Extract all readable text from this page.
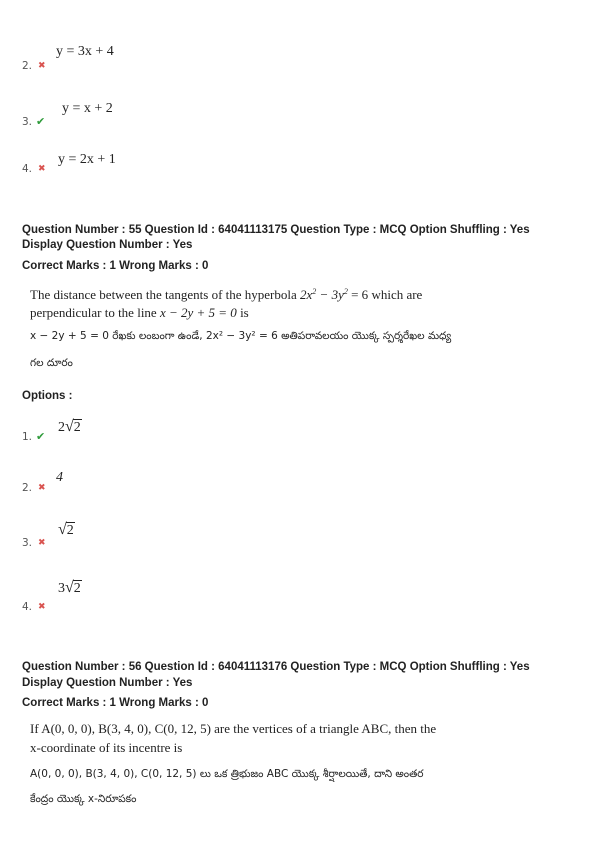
2. ✖
y = 3x + 4
3. ✔
y = x + 2
4. ✖
y = 2x + 1
Question Number : 55 Question Id : 64041113175 Question Type : MCQ Option Shuffling : Yes
Display Question Number : Yes
Correct Marks : 1 Wrong Marks : 0
The distance between the tangents of the hyperbola $2x^2 - 3y^2 = 6$ which are
perpendicular to the line x − 2y + 5 = 0 is
x − 2y + 5 = 0 రేఖకు లంబంగా ఉండే, 2x² − 3y² = 6 అతిపరావలయం యొక్క స్పర్శరేఖల మధ్య
గల దూరం
Options :
1. ✔
2√2
2. ✖
4
3. ✖
√2
4. ✖
3√2
Question Number : 56 Question Id : 64041113176 Question Type : MCQ Option Shuffling : Yes
Display Question Number : Yes
Correct Marks : 1 Wrong Marks : 0
If A(0, 0, 0), B(3, 4, 0), C(0, 12, 5) are the vertices of a triangle ABC, then the
x-coordinate of its incentre is
A(0, 0, 0), B(3, 4, 0), C(0, 12, 5) లు ఒక త్రిభుజం ABC యొక్క శీర్షాలయితే, దాని అంతర
కేంద్రం యొక్క x-నిరూపకం
